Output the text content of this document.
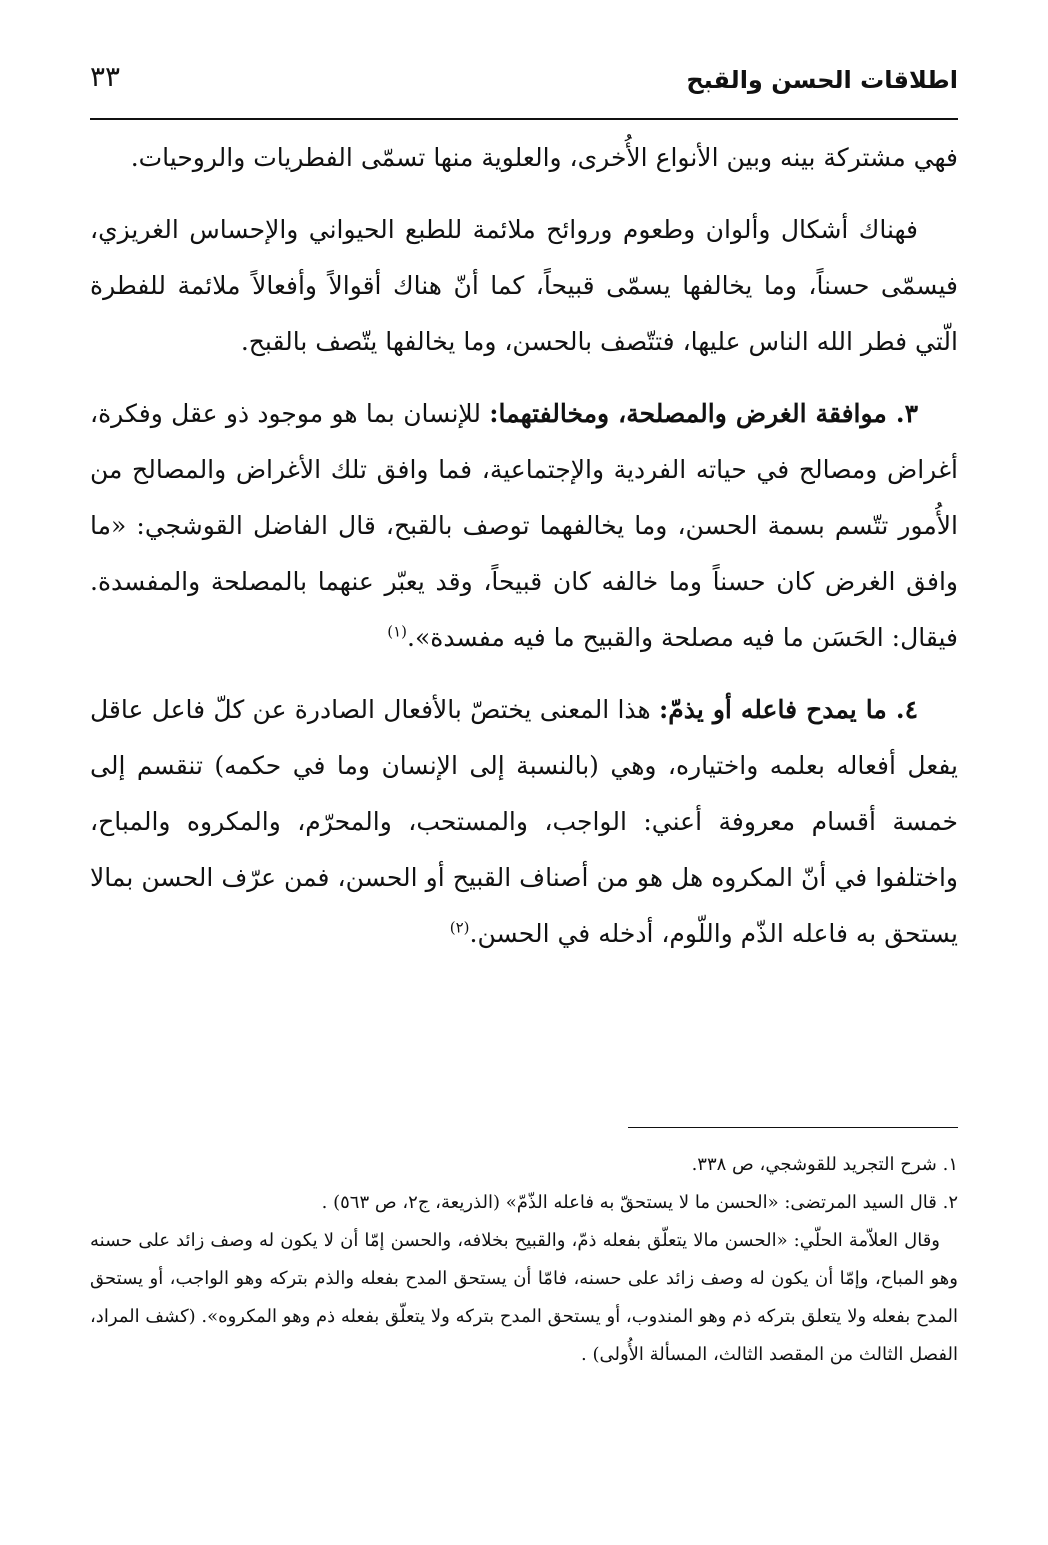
اطلاقات الحسن والقبح
٣٣

فهي مشتركة بينه وبين الأنواع الأُخرى، والعلوية منها تسمّى الفطريات والروحيات.

فهناك أشكال وألوان وطعوم وروائح ملائمة للطبع الحيواني والإحساس الغريزي، فيسمّى حسناً، وما يخالفها يسمّى قبيحاً، كما أنّ هناك أقوالاً وأفعالاً ملائمة للفطرة الّتي فطر الله الناس عليها، فتتّصف بالحسن، وما يخالفها يتّصف بالقبح.

٣. موافقة الغرض والمصلحة، ومخالفتهما: للإنسان بما هو موجود ذو عقل وفكرة، أغراض ومصالح في حياته الفردية والإجتماعية، فما وافق تلك الأغراض والمصالح من الأُمور تتّسم بسمة الحسن، وما يخالفهما توصف بالقبح، قال الفاضل القوشجي: «ما وافق الغرض كان حسناً وما خالفه كان قبيحاً، وقد يعبّر عنهما بالمصلحة والمفسدة. فيقال: الحَسَن ما فيه مصلحة والقبيح ما فيه مفسدة».$^{(١)}$

٤. ما يمدح فاعله أو يذمّ: هذا المعنى يختصّ بالأفعال الصادرة عن كلّ فاعل عاقل يفعل أفعاله بعلمه واختياره، وهي (بالنسبة إلى الإنسان وما في حكمه) تنقسم إلى خمسة أقسام معروفة أعني: الواجب، والمستحب، والمحرّم، والمكروه والمباح، واختلفوا في أنّ المكروه هل هو من أصناف القبيح أو الحسن، فمن عرّف الحسن بمالا يستحق به فاعله الذّم واللّوم، أدخله في الحسن.$^{(٢)}$

١. شرح التجريد للقوشجي، ص ٣٣٨.

٢. قال السيد المرتضى: «الحسن ما لا يستحقّ به فاعله الذّمّ» (الذريعة، ج٢، ص ٥٦٣) .

وقال العلاّمة الحلّي: «الحسن مالا يتعلّق بفعله ذمّ، والقبيح بخلافه، والحسن إمّا أن لا يكون له وصف زائد على حسنه وهو المباح، وإمّا أن يكون له وصف زائد على حسنه، فامّا أن يستحق المدح بفعله والذم بتركه وهو الواجب، أو يستحق المدح بفعله ولا يتعلق بتركه ذم وهو المندوب، أو يستحق المدح بتركه ولا يتعلّق بفعله ذم وهو المكروه». (كشف المراد، الفصل الثالث من المقصد الثالث، المسألة الأُولى) .
